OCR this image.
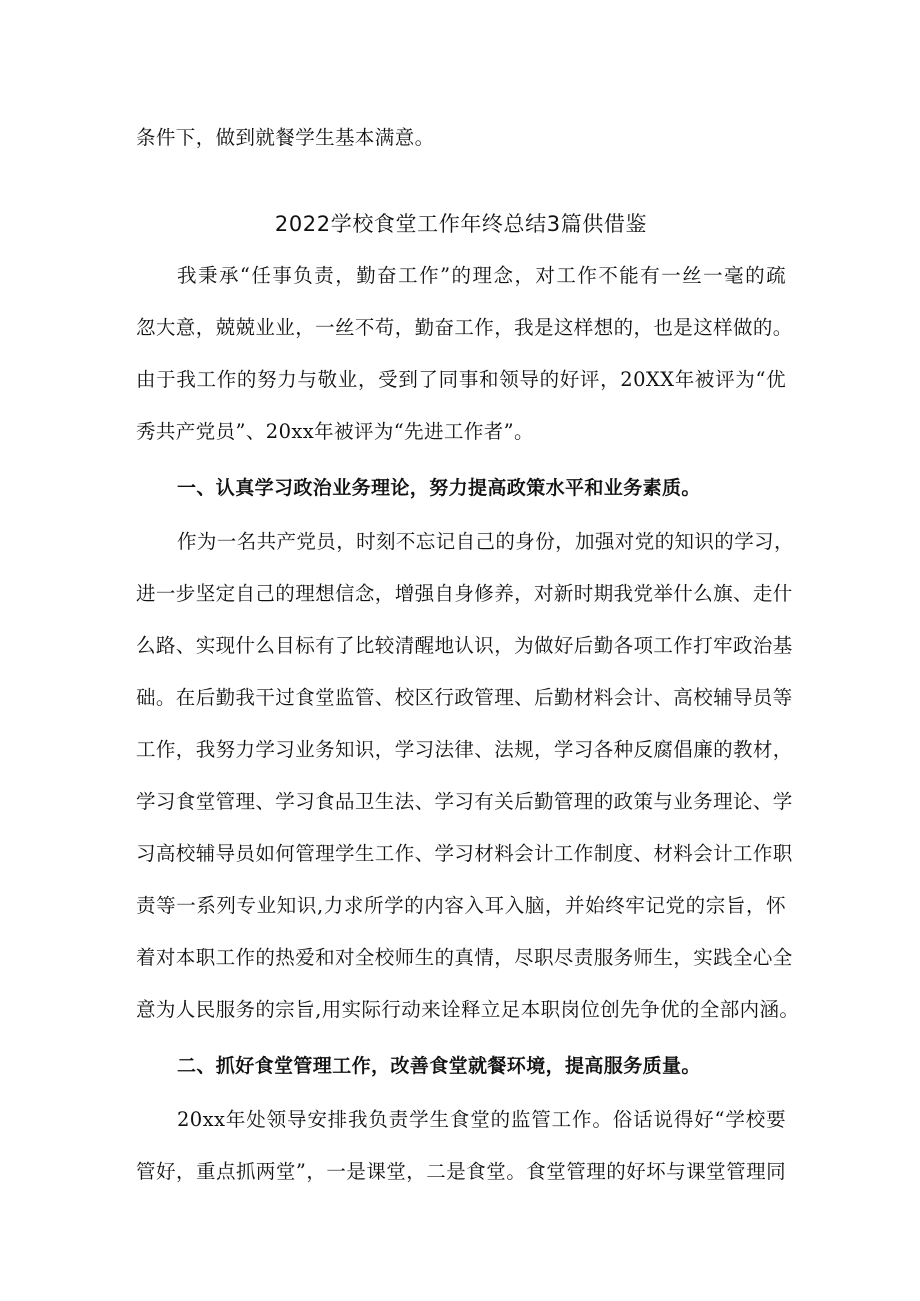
条件下，做到就餐学生基本满意。
2022学校食堂工作年终总结3篇供借鉴
我秉承“任事负责，勤奋工作”的理念，对工作不能有一丝一毫的疏
忽大意，兢兢业业，一丝不苟，勤奋工作，我是这样想的，也是这样做的。
由于我工作的努力与敬业，受到了同事和领导的好评，20XX年被评为“优
秀共产党员”、20xx年被评为“先进工作者”。
一、认真学习政治业务理论，努力提高政策水平和业务素质。
作为一名共产党员，时刻不忘记自己的身份，加强对党的知识的学习，
进一步坚定自己的理想信念，增强自身修养，对新时期我党举什么旗、走什
么路、实现什么目标有了比较清醒地认识，为做好后勤各项工作打牢政治基
础。在后勤我干过食堂监管、校区行政管理、后勤材料会计、高校辅导员等
工作，我努力学习业务知识，学习法律、法规，学习各种反腐倡廉的教材，
学习食堂管理、学习食品卫生法、学习有关后勤管理的政策与业务理论、学
习高校辅导员如何管理学生工作、学习材料会计工作制度、材料会计工作职
责等一系列专业知识,力求所学的内容入耳入脑，并始终牢记党的宗旨，怀
着对本职工作的热爱和对全校师生的真情，尽职尽责服务师生，实践全心全
意为人民服务的宗旨,用实际行动来诠释立足本职岗位创先争优的全部内涵。
二、抓好食堂管理工作，改善食堂就餐环境，提高服务质量。
20xx年处领导安排我负责学生食堂的监管工作。俗话说得好“学校要
管好，重点抓两堂”，一是课堂，二是食堂。食堂管理的好坏与课堂管理同
